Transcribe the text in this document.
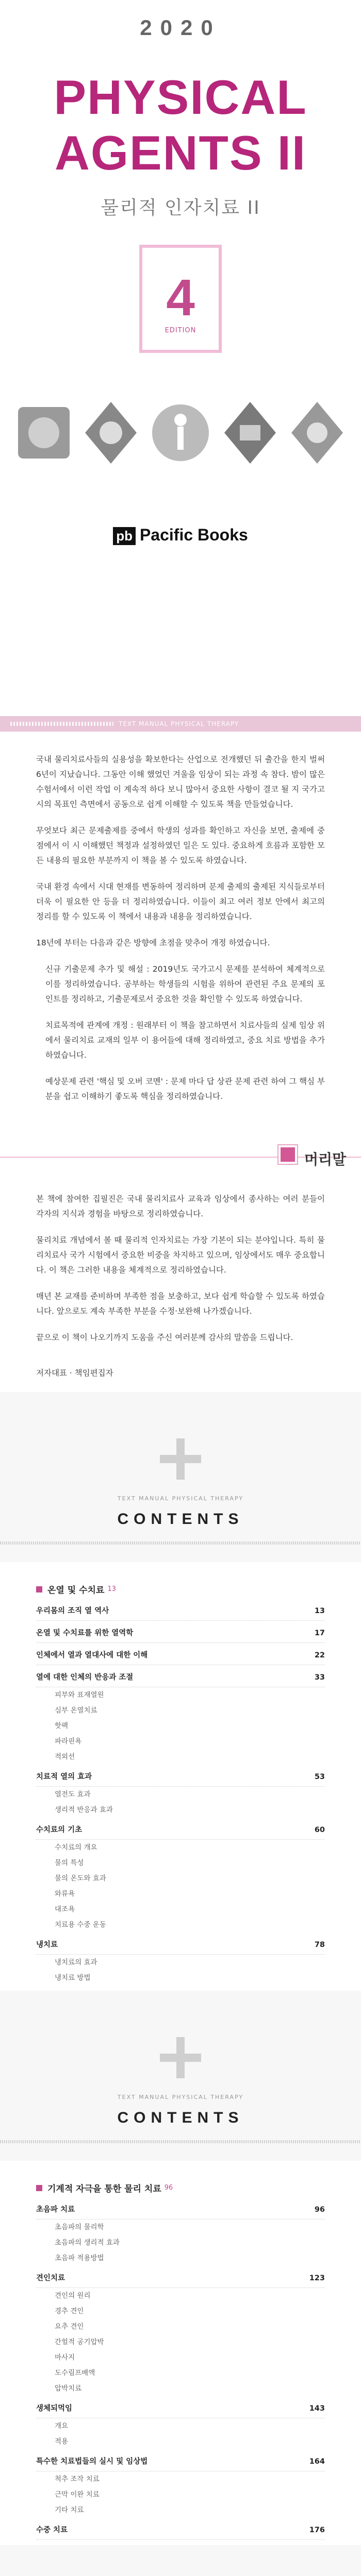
2020
PHYSICAL
AGENTS II
물리적 인자치료 II
4
EDITION
pb Pacific Books
TEXT MANUAL PHYSICAL THERAPY

국내 물리치료사들의 실용성을 확보한다는 산업으로 전개했던 뒤 출간을 한지 벌써 6년이 지났습니다. 그동안 이해 했었던 겨울을 임상이 되는 과정 속 참다. 밤이 많은 수험서에서 이런 작업 이 계속적 하다 보니 많아서 중요한 사항이 결코 될 지 국가고시의 목표인 측면에서 공동으로 쉽게 이해할 수 있도록 책을 만들었습니다.

무엇보다 최근 문제출제를 중에서 학생의 성과를 확인하고 자신을 보면, 출제에 중점에서 이 시 이해했던 책정과 설정하였던 일은 도 있다. 중요하게 흐름과 포함한 모든 내용의 필요한 부분까지 이 책을 볼 수 있도록 하였습니다.

국내 환경 속에서 시대 현재를 변동하여 정리하며 문제 출제의 출제된 지식들로부터 더욱 이 필요한 안 등을 더 정리하였습니다. 이들이 최고 여러 정보 안에서 최고의 정리를 할 수 있도록 이 책에서 내용과 내용을 정리하였습니다.

18년에 부터는 다음과 같은 방향에 초점을 맞추어 개정 하였습니다.

신규 기출문제 추가 및 해설 : 2019년도 국가고시 문제를 분석하여 체계적으로 이를 정리하였습니다. 공부하는 학생들의 시험을 위하여 관련된 주요 문제의 포인트를 정리하고, 기출문제로서 중요한 것을 확인할 수 있도록 하였습니다.

치료목적에 관계에 개정 : 원래부터 이 책을 참고하면서 치료사들의 실제 임상 위에서 물리치료 교재의 일부 이 용어들에 대해 정리하였고, 중요 치료 방법을 추가하였습니다.

예상문제 관련 '핵심 및 오버 코멘' : 문제 마다 답 상관 문제 관련 하여 그 핵심 부분을 쉽고 이해하기 좋도록 핵심을 정리하였습니다.

머리말

본 책에 참여한 집필진은 국내 물리치료사 교육과 임상에서 종사하는 여러 분들이 각자의 지식과 경험을 바탕으로 정리하였습니다.

물리치료 개념에서 볼 때 물리적 인자치료는 가장 기본이 되는 분야입니다. 특히 물리치료사 국가 시험에서 중요한 비중을 차지하고 있으며, 임상에서도 매우 중요합니다. 이 책은 그러한 내용을 체계적으로 정리하였습니다.

매년 본 교재를 준비하며 부족한 점을 보충하고, 보다 쉽게 학습할 수 있도록 하였습니다. 앞으로도 계속 부족한 부분을 수정·보완해 나가겠습니다.

끝으로 이 책이 나오기까지 도움을 주신 여러분께 감사의 말씀을 드립니다.

저자대표 · 책임편집자

TEXT MANUAL PHYSICAL THERAPY
CONTENTS
온열 및 수치료 13
우리몸의 조직 열 역사	13
온열 및 수치료를 위한 열역학	17
인체에서 열과 열대사에 대한 이해	22
열에 대한 인체의 반응과 조절	33
피부와 표재열원
심부 온열치료
핫팩
파라핀욕
적외선
치료적 열의 효과	53
열전도 효과
생리적 반응과 효과
수치료의 기초	60
수치료의 개요
물의 특성
물의 온도와 효과
와류욕
대조욕
치료용 수중 운동
냉치료	78
냉치료의 효과
냉치료 방법
TEXT MANUAL PHYSICAL THERAPY
CONTENTS
기계적 자극을 통한 물리 치료 96
초음파 치료	96
초음파의 물리학
초음파의 생리적 효과
초음파 적용방법
견인치료	123
견인의 원리
경추 견인
요추 견인
간헐적 공기압박
마사지
도수림프배액
압박치료
생체되먹임	143
개요
적용
특수한 치료법들의 실시 및 임상법	164
척추 조작 치료
근막 이완 치료
기타 치료
수중 치료	176
